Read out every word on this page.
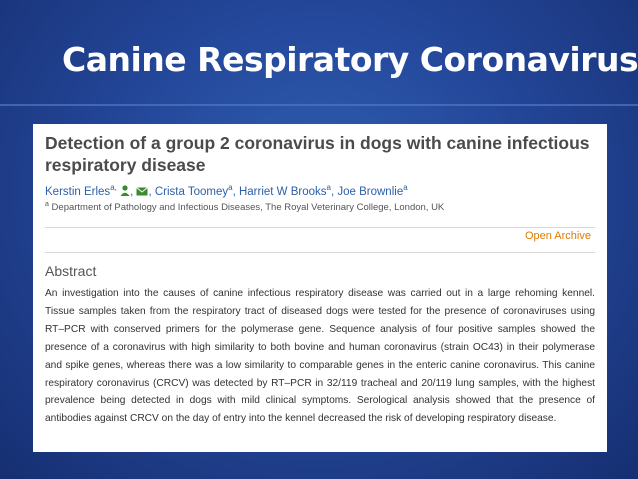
Canine Respiratory Coronavirus
Detection of a group 2 coronavirus in dogs with canine infectious respiratory disease
Kerstin Erles$^{a,}$ , , Crista Toomey$^a$, Harriet W Brooks$^a$, Joe Brownlie$^a$
$^a$ Department of Pathology and Infectious Diseases, The Royal Veterinary College, London, UK
Open Archive
Abstract
An investigation into the causes of canine infectious respiratory disease was carried out in a large rehoming kennel. Tissue samples taken from the respiratory tract of diseased dogs were tested for the presence of coronaviruses using RT–PCR with conserved primers for the polymerase gene. Sequence analysis of four positive samples showed the presence of a coronavirus with high similarity to both bovine and human coronavirus (strain OC43) in their polymerase and spike genes, whereas there was a low similarity to comparable genes in the enteric canine coronavirus. This canine respiratory coronavirus (CRCV) was detected by RT–PCR in 32/119 tracheal and 20/119 lung samples, with the highest prevalence being detected in dogs with mild clinical symptoms. Serological analysis showed that the presence of antibodies against CRCV on the day of entry into the kennel decreased the risk of developing respiratory disease.
